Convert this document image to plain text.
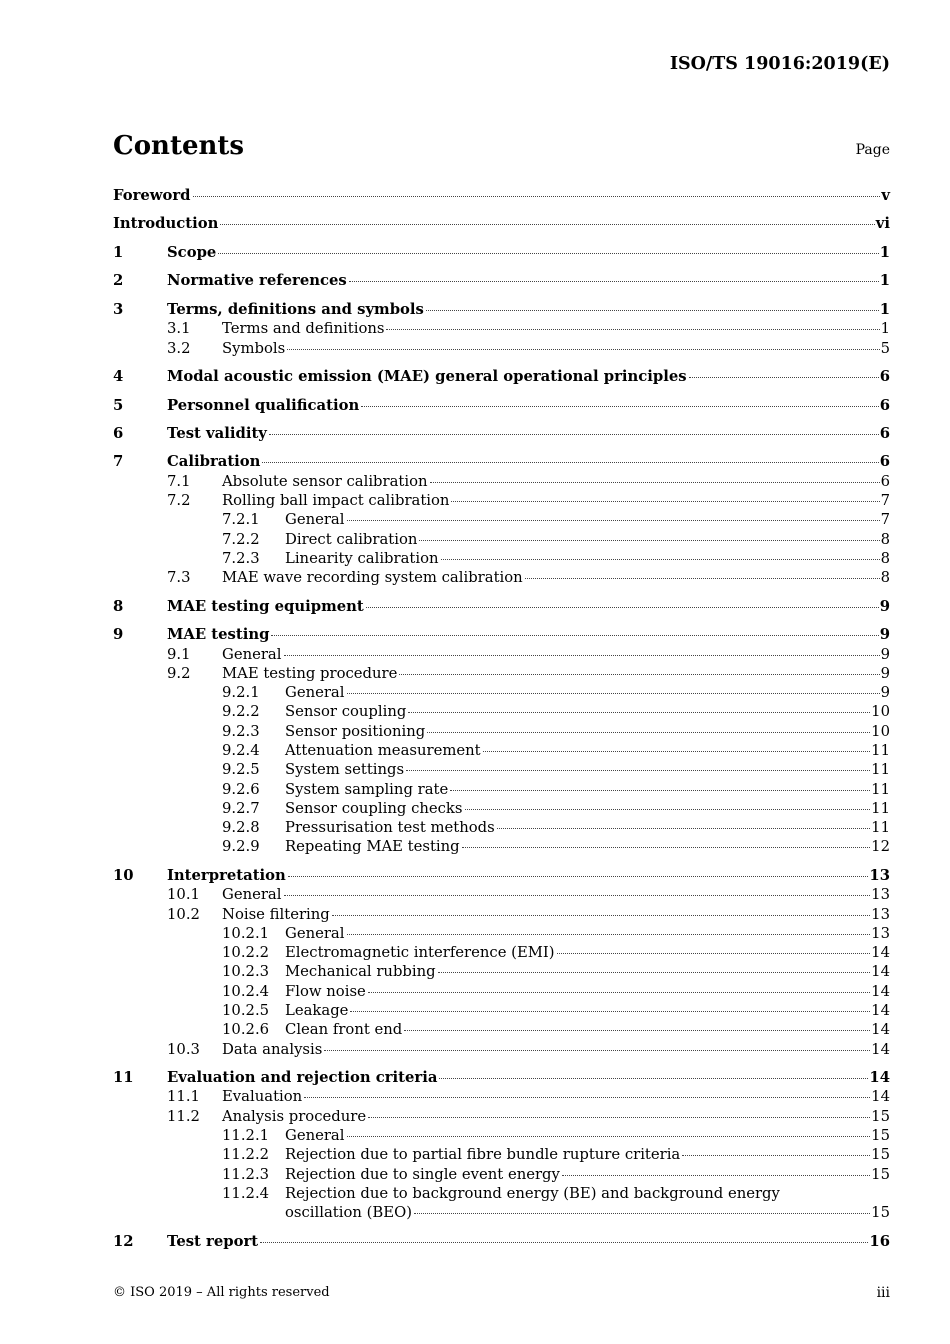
ISO/TS 19016:2019(E)
Contents	Page
Foreword	v
Introduction	vi
1	Scope	1
2	Normative references	1
3	Terms, definitions and symbols	1
3.1 Terms and definitions	1
3.2 Symbols	5
4	Modal acoustic emission (MAE) general operational principles	6
5	Personnel qualification	6
6	Test validity	6
7	Calibration	6
7.1 Absolute sensor calibration	6
7.2 Rolling ball impact calibration	7
7.2.1 General	7
7.2.2 Direct calibration	8
7.2.3 Linearity calibration	8
7.3 MAE wave recording system calibration	8
8	MAE testing equipment	9
9	MAE testing	9
9.1 General	9
9.2 MAE testing procedure	9
9.2.1 General	9
9.2.2 Sensor coupling	10
9.2.3 Sensor positioning	10
9.2.4 Attenuation measurement	11
9.2.5 System settings	11
9.2.6 System sampling rate	11
9.2.7 Sensor coupling checks	11
9.2.8 Pressurisation test methods	11
9.2.9 Repeating MAE testing	12
10 Interpretation	13
10.1 General	13
10.2 Noise filtering	13
10.2.1 General	13
10.2.2 Electromagnetic interference (EMI)	14
10.2.3 Mechanical rubbing	14
10.2.4 Flow noise	14
10.2.5 Leakage	14
10.2.6 Clean front end	14
10.3 Data analysis	14
11 Evaluation and rejection criteria	14
11.1 Evaluation	14
11.2 Analysis procedure	15
11.2.1 General	15
11.2.2 Rejection due to partial fibre bundle rupture criteria	15
11.2.3 Rejection due to single event energy	15
11.2.4 Rejection due to background energy (BE) and background energy
oscillation (BEO)	15
12 Test report	16
© ISO 2019 – All rights reserved	iii
